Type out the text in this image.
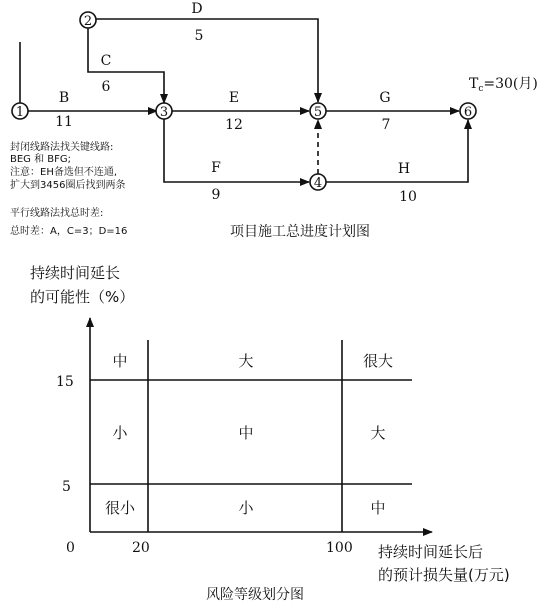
1
2
3
4
5	6
B
11
C
6
D
5
E
12
F
9
G
7
H
10
$T_c=30$(月)
封闭线路法找关键线路:
BEG 和 BFG;
注意：EH备选但不连通,
扩大到3456圈后找到两条
平行线路法找总时差:
总时差：A，C=3；D=16	项目施工总进度计划图
持续时间延长
的可能性（%）
15
5
0	20	100 持续时间延长后
的预计损失量(万元)
中	大	很大
小	中	大
很小	小	中
风险等级划分图
